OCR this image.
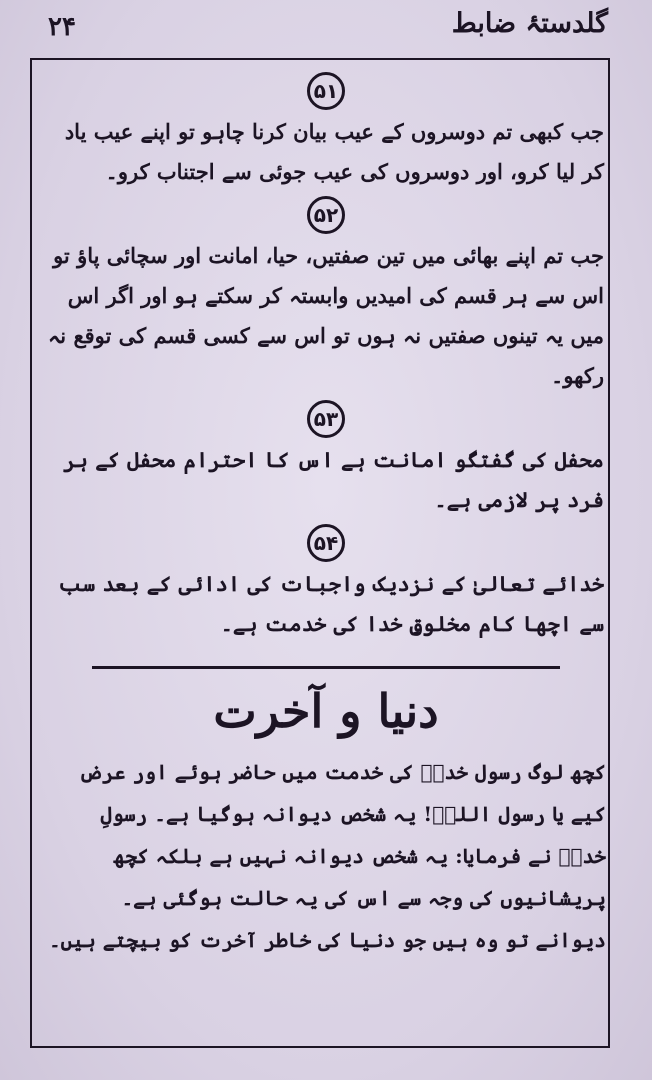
۲۴	گلدستۂ ضابط
۵۱

جب کبھی تم دوسروں کے عیب بیان کرنا چاہو تو اپنے عیب یاد کر لیا کرو، اور دوسروں کی عیب جوئی سے اجتناب کرو۔

۵۲

جب تم اپنے بھائی میں تین صفتیں، حیا، امانت اور سچائی پاؤ تو اس سے ہر قسم کی امیدیں وابستہ کر سکتے ہو اور اگر اس میں یہ تینوں صفتیں نہ ہوں تو اس سے کسی قسم کی توقع نہ رکھو۔

۵۳

محفل کی گفتگو امانت ہے اس کا احترام محفل کے ہر فرد پر لازمی ہے۔

۵۴

خدائے تعالیٰ کے نزدیک واجبات کی ادائی کے بعد سب سے اچھا کام مخلوقِ خدا کی خدمت ہے۔

دنیا و آخرت

کچھ لوگ رسول خداؐ کی خدمت میں حاضر ہوئے اور عرض کیے یا رسول اللہؐ! یہ شخص دیوانہ ہوگیا ہے۔ رسولِ خداؐ نے فرمایا: یہ شخص دیوانہ نہیں ہے بلکہ کچھ پریشانیوں کی وجہ سے اس کی یہ حالت ہوگئی ہے۔ دیوانے تو وہ ہیں جو دنیا کی خاطر آخرت کو بیچتے ہیں۔
